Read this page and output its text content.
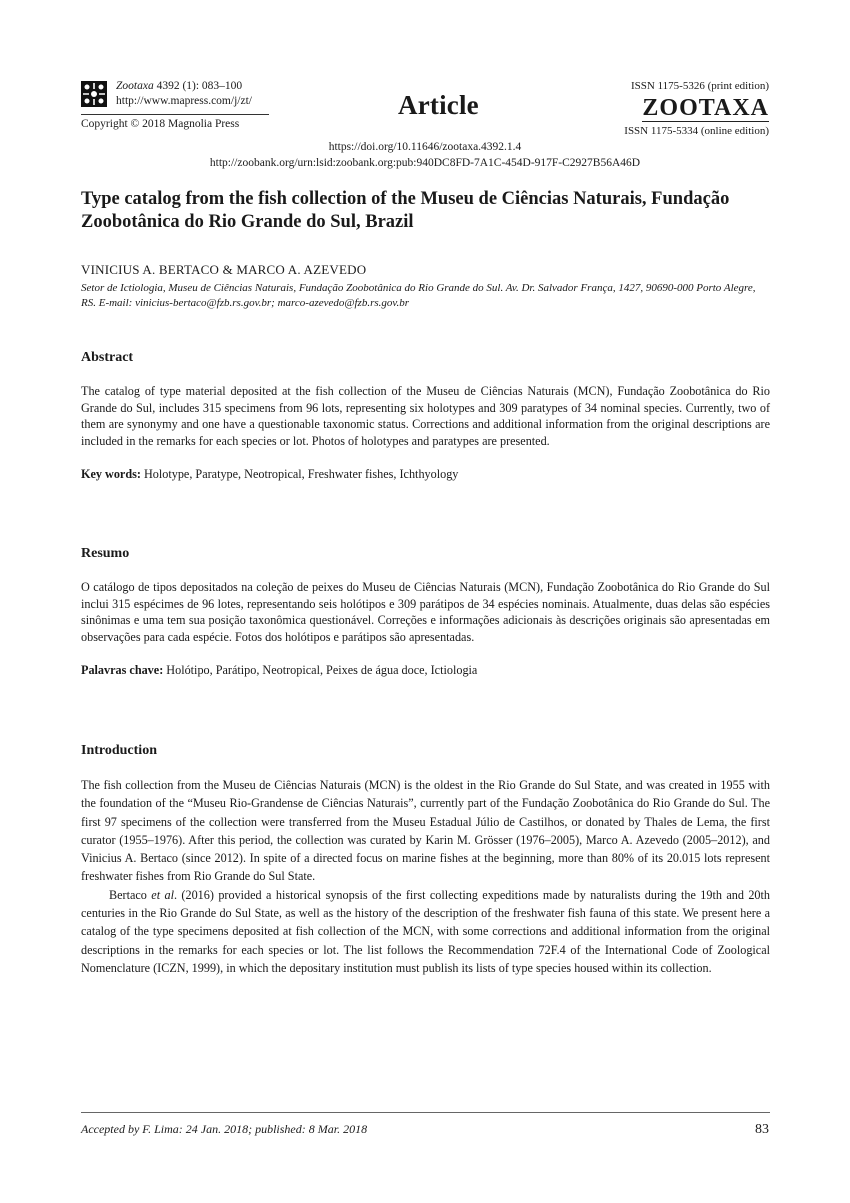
Zootaxa 4392 (1): 083–100
http://www.mapress.com/j/zt/
Copyright © 2018 Magnolia Press
Article
ISSN 1175-5326 (print edition)
ZOOTAXA
ISSN 1175-5334 (online edition)
https://doi.org/10.11646/zootaxa.4392.1.4
http://zoobank.org/urn:lsid:zoobank.org:pub:940DC8FD-7A1C-454D-917F-C2927B56A46D
Type catalog from the fish collection of the Museu de Ciências Naturais, Fundação Zoobotânica do Rio Grande do Sul, Brazil
VINICIUS A. BERTACO & MARCO A. AZEVEDO
Setor de Ictiologia, Museu de Ciências Naturais, Fundação Zoobotânica do Rio Grande do Sul. Av. Dr. Salvador França, 1427, 90690-000 Porto Alegre, RS. E-mail: vinicius-bertaco@fzb.rs.gov.br; marco-azevedo@fzb.rs.gov.br
Abstract
The catalog of type material deposited at the fish collection of the Museu de Ciências Naturais (MCN), Fundação Zoobotânica do Rio Grande do Sul, includes 315 specimens from 96 lots, representing six holotypes and 309 paratypes of 34 nominal species. Currently, two of them are synonymy and one have a questionable taxonomic status. Corrections and additional information from the original descriptions are included in the remarks for each species or lot. Photos of holotypes and paratypes are presented.
Key words: Holotype, Paratype, Neotropical, Freshwater fishes, Ichthyology
Resumo
O catálogo de tipos depositados na coleção de peixes do Museu de Ciências Naturais (MCN), Fundação Zoobotânica do Rio Grande do Sul inclui 315 espécimes de 96 lotes, representando seis holótipos e 309 parátipos de 34 espécies nominais. Atualmente, duas delas são espécies sinônimas e uma tem sua posição taxonômica questionável. Correções e informações adicionais às descrições originais são apresentadas em observações para cada espécie. Fotos dos holótipos e parátipos são apresentadas.
Palavras chave: Holótipo, Parátipo, Neotropical, Peixes de água doce, Ictiologia
Introduction
The fish collection from the Museu de Ciências Naturais (MCN) is the oldest in the Rio Grande do Sul State, and was created in 1955 with the foundation of the “Museu Rio-Grandense de Ciências Naturais”, currently part of the Fundação Zoobotânica do Rio Grande do Sul. The first 97 specimens of the collection were transferred from the Museu Estadual Júlio de Castilhos, or donated by Thales de Lema, the first curator (1955–1976). After this period, the collection was curated by Karin M. Grösser (1976–2005), Marco A. Azevedo (2005–2012), and Vinicius A. Bertaco (since 2012). In spite of a directed focus on marine fishes at the beginning, more than 80% of its 20.015 lots represent freshwater fishes from Rio Grande do Sul State.
Bertaco et al. (2016) provided a historical synopsis of the first collecting expeditions made by naturalists during the 19th and 20th centuries in the Rio Grande do Sul State, as well as the history of the description of the freshwater fish fauna of this state. We present here a catalog of the type specimens deposited at fish collection of the MCN, with some corrections and additional information from the original descriptions in the remarks for each species or lot. The list follows the Recommendation 72F.4 of the International Code of Zoological Nomenclature (ICZN, 1999), in which the depositary institution must publish its lists of type species housed within its collection.
Accepted by F. Lima: 24 Jan. 2018; published: 8 Mar. 2018	83
